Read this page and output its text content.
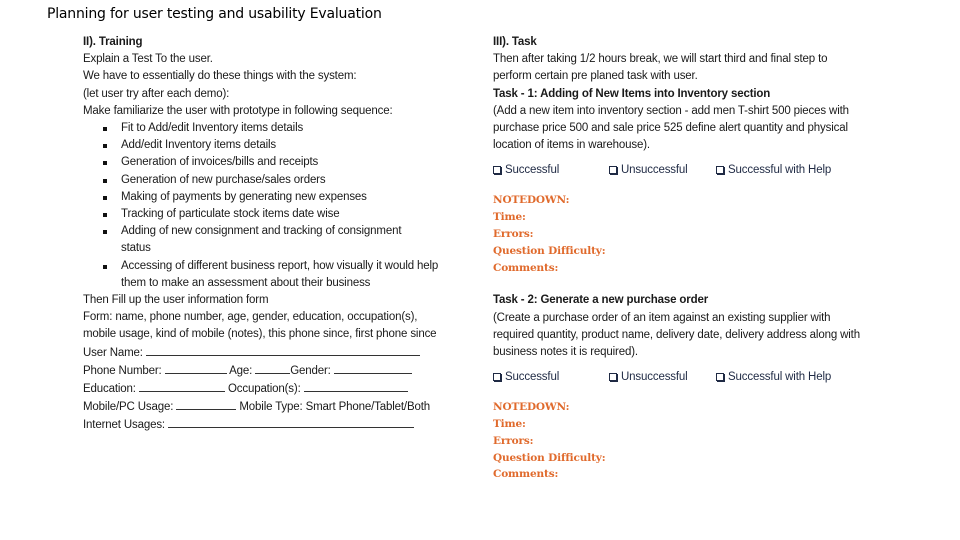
Planning for user testing and usability Evaluation
II). Training
Explain a Test To the user.
We have to essentially do these things with the system:
(let user try after each demo):
Make familiarize the user with prototype in following sequence:
Fit to Add/edit Inventory items details
Add/edit Inventory items details
Generation of invoices/bills and receipts
Generation of new purchase/sales orders
Making of payments by generating new expenses
Tracking of particulate stock items date wise
Adding of new consignment and tracking of consignment status
Accessing of different business report, how visually it would help them to make an assessment about their business
Then Fill up the user information form
Form: name, phone number, age, gender, education, occupation(s), mobile usage, kind of mobile (notes), this phone since, first phone since
User Name:
Phone Number:	Age:	Gender:
Education:	Occupation(s):
Mobile/PC Usage:	Mobile Type: Smart Phone/Tablet/Both
Internet Usages:
III). Task
Then after taking 1/2 hours break, we will start third and final step to perform certain pre planed task with user.
Task - 1: Adding of New Items into Inventory section
(Add a new item into inventory section - add men T-shirt 500 pieces with purchase price 500 and sale price 525 define alert quantity and physical location of items in warehouse).
Successful	Unsuccessful	Successful with Help
NOTEDOWN:
Time:
Errors:
Question Difficulty:
Comments:
Task - 2: Generate a new purchase order
(Create a purchase order of an item against an existing supplier with required quantity, product name, delivery date, delivery address along with business notes it is required).
Successful	Unsuccessful	Successful with Help
NOTEDOWN:
Time:
Errors:
Question Difficulty:
Comments:
